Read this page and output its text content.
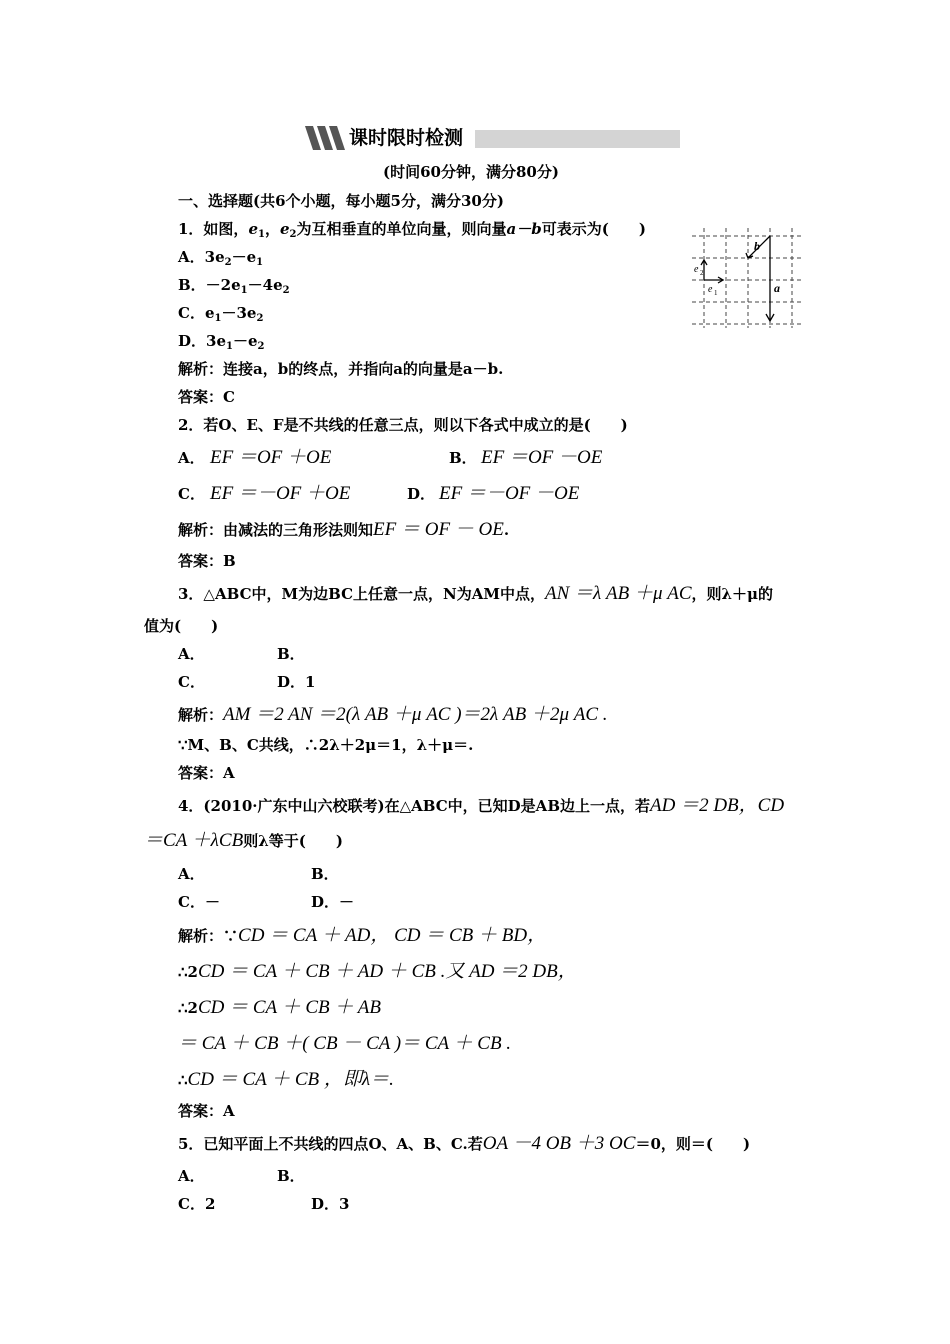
课时限时检测
(时间60分钟，满分80分)
一、选择题(共6个小题，每小题5分，满分30分)
1．如图，$e_1$，$e_2$为互相垂直的单位向量，则向量a－b可表示为(　　)
A．$3e_2-e_1$
B．$-2e_1-4e_2$
C．$e_1-3e_2$
D．$3e_1-e_2$
解析：连接a，b的终点，并指向a的向量是a－b.
答案：C
b
a
e 1
e 2
2．若O、E、F是不共线的任意三点，则以下各式中成立的是(　　)
A． EF ＝OF ＋OE	B． EF ＝OF －OE
C． EF ＝－OF ＋OE	D． EF ＝－OF －OE
解析：由减法的三角形法则知EF ＝ OF － OE.
答案：B
3．△ABC中，M为边BC上任意一点，N为AM中点，AN ＝λ AB ＋μ AC，则λ＋μ的
值为(　　)
A．	B．
C．	D．1
解析：AM ＝2 AN ＝2(λ AB ＋μ AC )＝2λ AB ＋2μ AC .
∵M、B、C共线，∴2λ＋2μ＝1，λ＋μ＝.
答案：A
4．(2010·广东中山六校联考)在△ABC中，已知D是AB边上一点，若AD ＝2 DB，CD
＝CA ＋λCB则λ等于(　　)
A．	B．
C．－	D．－
解析：∵CD ＝ CA ＋ AD， CD ＝ CB ＋ BD，
∴2CD ＝ CA ＋ CB ＋ AD ＋ CB .又 AD ＝2 DB，
∴2CD ＝ CA ＋ CB ＋ AB
＝ CA ＋ CB ＋( CB － CA )＝ CA ＋ CB .
∴CD ＝ CA ＋ CB ，即λ＝.
答案：A
5．已知平面上不共线的四点O、A、B、C.若OA －4 OB ＋3 OC＝0，则＝(　　)
A．	B．
C．2	D．3
